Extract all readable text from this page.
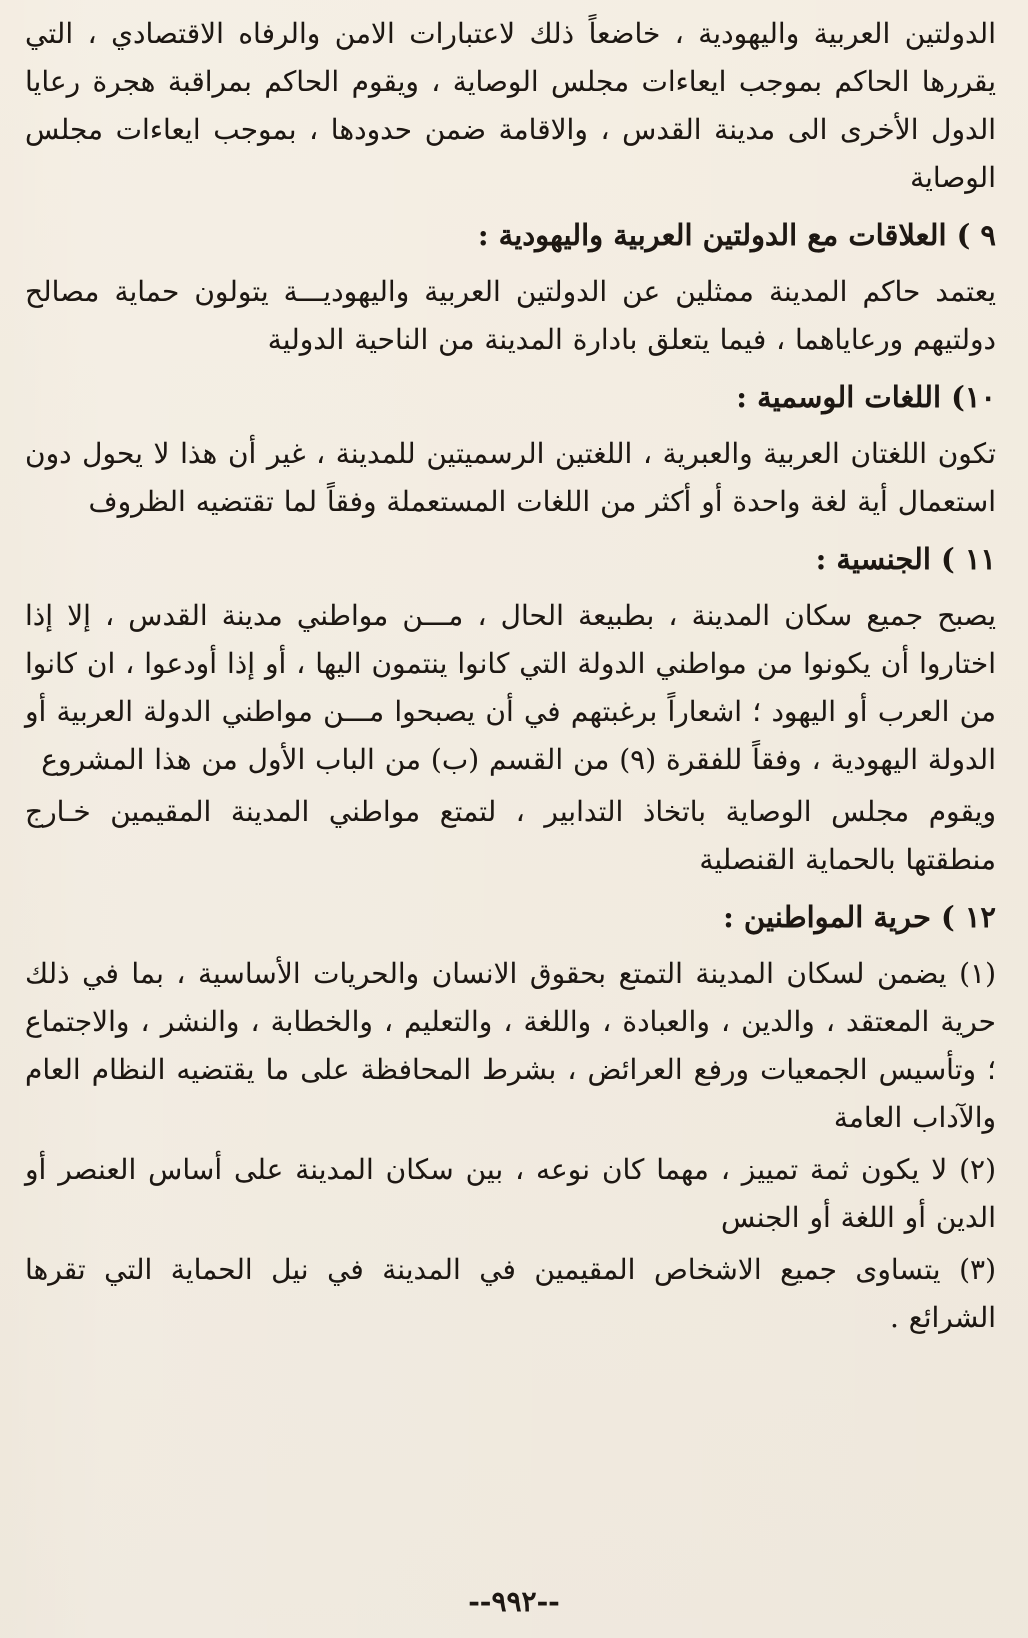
الدولتين العربية واليهودية ، خاضعاً ذلك لاعتبارات الامن والرفاه الاقتصادي ، التي يقررها الحاكم بموجب ايعاءات مجلس الوصاية ، ويقوم الحاكم بمراقبة هجرة رعايا الدول الأخرى الى مدينة القدس ، والاقامة ضمن حدودها ، بموجب ايعاءات مجلس الوصاية

٩ ) العلاقات مع الدولتين العربية واليهودية :

يعتمد حاكم المدينة ممثلين عن الدولتين العربية واليهوديـــة يتولون حماية مصالح دولتيهم ورعاياهما ، فيما يتعلق بادارة المدينة من الناحية الدولية

١٠) اللغات الوسمية :

تكون اللغتان العربية والعبرية ، اللغتين الرسميتين للمدينة ، غير أن هذا لا يحول دون استعمال أية لغة واحدة أو أكثر من اللغات المستعملة وفقاً لما تقتضيه الظروف

١١ ) الجنسية :

يصبح جميع سكان المدينة ، بطبيعة الحال ، مـــن مواطني مدينة القدس ، إلا إذا اختاروا أن يكونوا من مواطني الدولة التي كانوا ينتمون اليها ، أو إذا أودعوا ، ان كانوا من العرب أو اليهود ؛ اشعاراً برغبتهم في أن يصبحوا مـــن مواطني الدولة العربية أو الدولة اليهودية ، وفقاً للفقرة (٩) من القسم (ب) من الباب الأول من هذا المشروع

ويقوم مجلس الوصاية باتخاذ التدابير ، لتمتع مواطني المدينة المقيمين خـارج منطقتها بالحماية القنصلية

١٢ ) حرية المواطنين :

(١) يضمن لسكان المدينة التمتع بحقوق الانسان والحريات الأساسية ، بما في ذلك حرية المعتقد ، والدين ، والعبادة ، واللغة ، والتعليم ، والخطابة ، والنشر ، والاجتماع ؛ وتأسيس الجمعيات ورفع العرائض ، بشرط المحافظة على ما يقتضيه النظام العام والآداب العامة

(٢) لا يكون ثمة تمييز ، مهما كان نوعه ، بين سكان المدينة على أساس العنصر أو الدين أو اللغة أو الجنس

(٣) يتساوى جميع الاشخاص المقيمين في المدينة في نيل الحماية التي تقرها الشرائع .

--٩٩٢--
